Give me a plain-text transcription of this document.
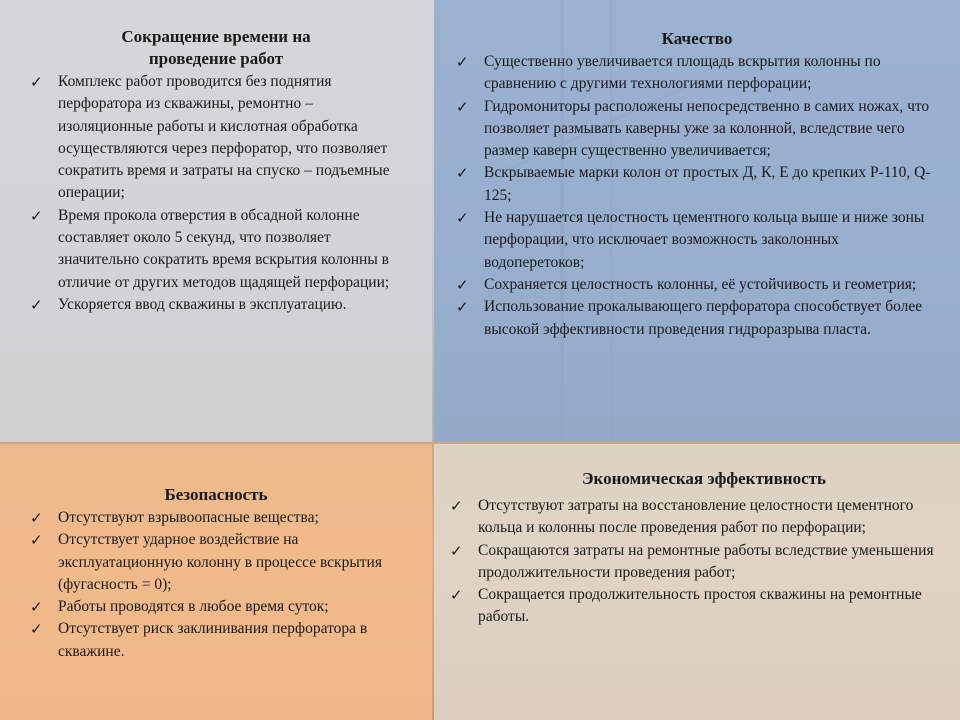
Сокращение времени на проведение работ
✓ Комплекс работ проводится без поднятия перфоратора из скважины, ремонтно – изоляционные работы и кислотная обработка осуществляются через перфоратор, что позволяет сократить время и затраты на спуско – подъемные операции;
✓ Время прокола отверстия в обсадной колонне составляет около 5 секунд, что позволяет значительно сократить время вскрытия колонны в отличие от других методов щадящей перфорации;
✓ Ускоряется ввод скважины в эксплуатацию.
Качество
✓ Существенно увеличивается площадь вскрытия колонны по сравнению с другими технологиями перфорации;
✓ Гидромониторы расположены непосредственно в самих ножах, что позволяет размывать каверны уже за колонной, вследствие чего размер каверн существенно увеличивается;
✓ Вскрываемые марки колон от простых Д, К, Е до крепких Р-110, Q-125;
✓ Не нарушается целостность цементного кольца выше и ниже зоны перфорации, что исключает возможность заколонных водоперетоков;
✓ Сохраняется целостность колонны, её устойчивость и геометрия;
✓ Использование прокалывающего перфоратора способствует более высокой эффективности проведения гидроразрыва пласта.
Безопасность
✓ Отсутствуют взрывоопасные вещества;
✓ Отсутствует ударное воздействие на эксплуатационную колонну в процессе вскрытия (фугасность = 0);
✓ Работы проводятся в любое время суток;
✓ Отсутствует риск заклинивания перфоратора в скважине.
Экономическая эффективность
✓ Отсутствуют затраты на восстановление целостности цементного кольца и колонны после проведения работ по перфорации;
✓ Сокращаются затраты на ремонтные работы вследствие уменьшения продолжительности проведения работ;
✓ Сокращается продолжительность простоя скважины на ремонтные работы.
